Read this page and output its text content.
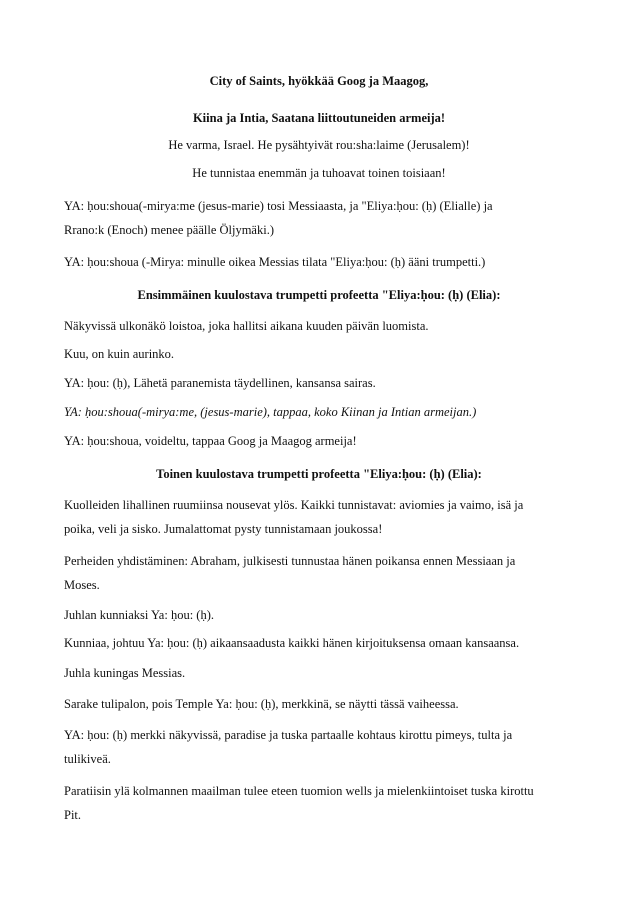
City of Saints, hyökkää Goog ja Maagog,
Kiina ja Intia, Saatana liittoutuneiden armeija!
He varma, Israel. He pysähtyivät rou:sha:laime (Jerusalem)!
He tunnistaa enemmän ja tuhoavat toinen toisiaan!
YA: ḥou:shoua(-mirya:me (jesus-marie) tosi Messiaasta, ja "Eliya:ḥou: (ḥ) (Elialle) ja
Rrano:k (Enoch) menee päälle Öljymäki.)
YA: ḥou:shoua (-Mirya: minulle oikea Messias tilata "Eliya:ḥou: (ḥ) ääni trumpetti.)
Ensimmäinen kuulostava trumpetti profeetta "Eliya:ḥou: (ḥ) (Elia):
Näkyvissä ulkonäkö loistoa, joka hallitsi aikana kuuden päivän luomista.
Kuu, on kuin aurinko.
YA: ḥou: (ḥ), Lähetä paranemista täydellinen, kansansa sairas.
YA: ḥou:shoua(-mirya:me, (jesus-marie), tappaa, koko Kiinan ja Intian armeijan.)
YA: ḥou:shoua, voideltu, tappaa Goog ja Maagog armeija!
Toinen kuulostava trumpetti profeetta "Eliya:ḥou: (ḥ) (Elia):
Kuolleiden lihallinen ruumiinsa nousevat ylös. Kaikki tunnistavat: aviomies ja vaimo, isä ja
poika, veli ja sisko. Jumalattomat pysty tunnistamaan joukossa!
Perheiden yhdistäminen: Abraham, julkisesti tunnustaa hänen poikansa ennen Messiaan ja
Moses.
Juhlan kunniaksi Ya: ḥou: (ḥ).
Kunniaa, johtuu Ya: ḥou: (ḥ) aikaansaadusta kaikki hänen kirjoituksensa omaan kansaansa.
Juhla kuningas Messias.
Sarake tulipalon, pois Temple Ya: ḥou: (ḥ), merkkinä, se näytti tässä vaiheessa.
YA: ḥou: (ḥ) merkki näkyvissä, paradise ja tuska partaalle kohtaus kirottu pimeys, tulta ja
tulikiveä.
Paratiisin ylä kolmannen maailman tulee eteen tuomion wells ja mielenkiintoiset tuska kirottu
Pit.
